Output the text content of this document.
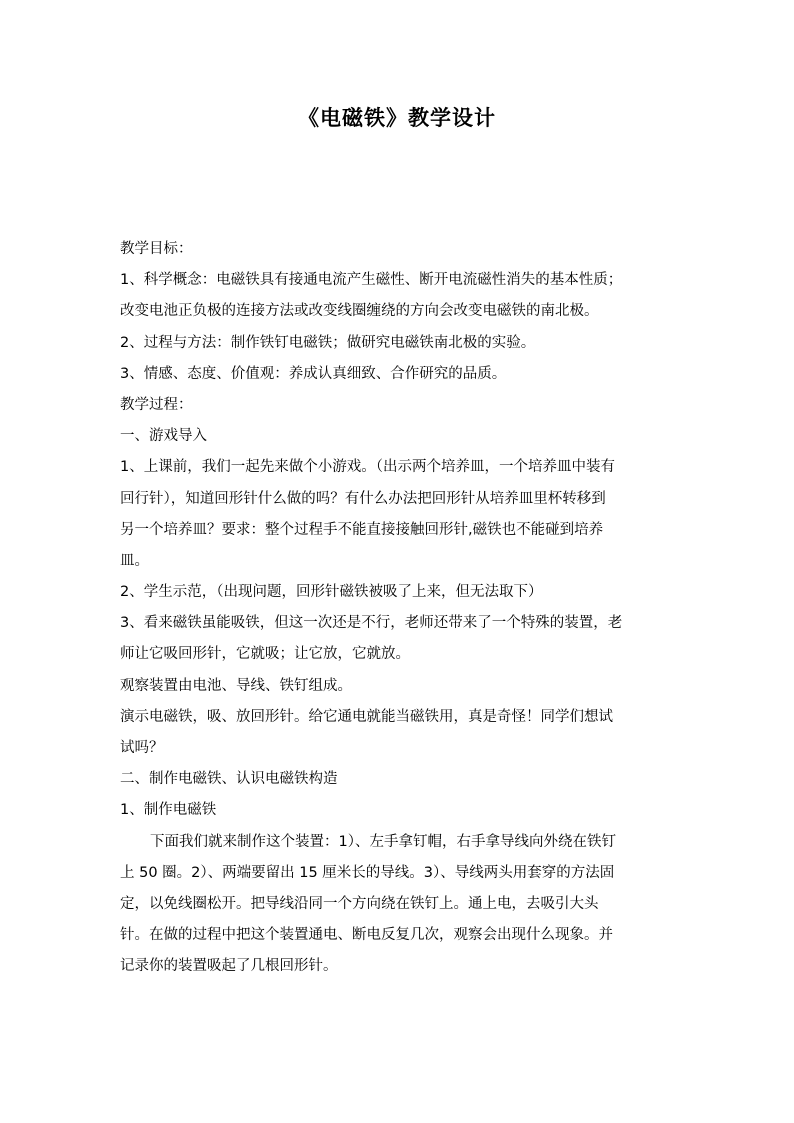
《电磁铁》教学设计

教学目标：

1、科学概念：电磁铁具有接通电流产生磁性、断开电流磁性消失的基本性质；

改变电池正负极的连接方法或改变线圈缠绕的方向会改变电磁铁的南北极。

2、过程与方法：制作铁钉电磁铁；做研究电磁铁南北极的实验。

3、情感、态度、价值观：养成认真细致、合作研究的品质。

教学过程：

一、游戏导入

1、上课前，我们一起先来做个小游戏。（出示两个培养皿，一个培养皿中装有

回行针），知道回形针什么做的吗？有什么办法把回形针从培养皿里杯转移到

另一个培养皿？要求：整个过程手不能直接接触回形针,磁铁也不能碰到培养

皿。

2、学生示范，（出现问题，回形针磁铁被吸了上来，但无法取下）

3、看来磁铁虽能吸铁，但这一次还是不行，老师还带来了一个特殊的装置，老

师让它吸回形针，它就吸；让它放，它就放。

观察装置由电池、导线、铁钉组成。

演示电磁铁，吸、放回形针。给它通电就能当磁铁用，真是奇怪！同学们想试

试吗？

二、制作电磁铁、认识电磁铁构造

1、制作电磁铁

下面我们就来制作这个装置：1）、左手拿钉帽，右手拿导线向外绕在铁钉

上 50 圈。2）、两端要留出 15 厘米长的导线。3）、导线两头用套穿的方法固

定，以免线圈松开。把导线沿同一个方向绕在铁钉上。通上电，去吸引大头

针。在做的过程中把这个装置通电、断电反复几次，观察会出现什么现象。并

记录你的装置吸起了几根回形针。
